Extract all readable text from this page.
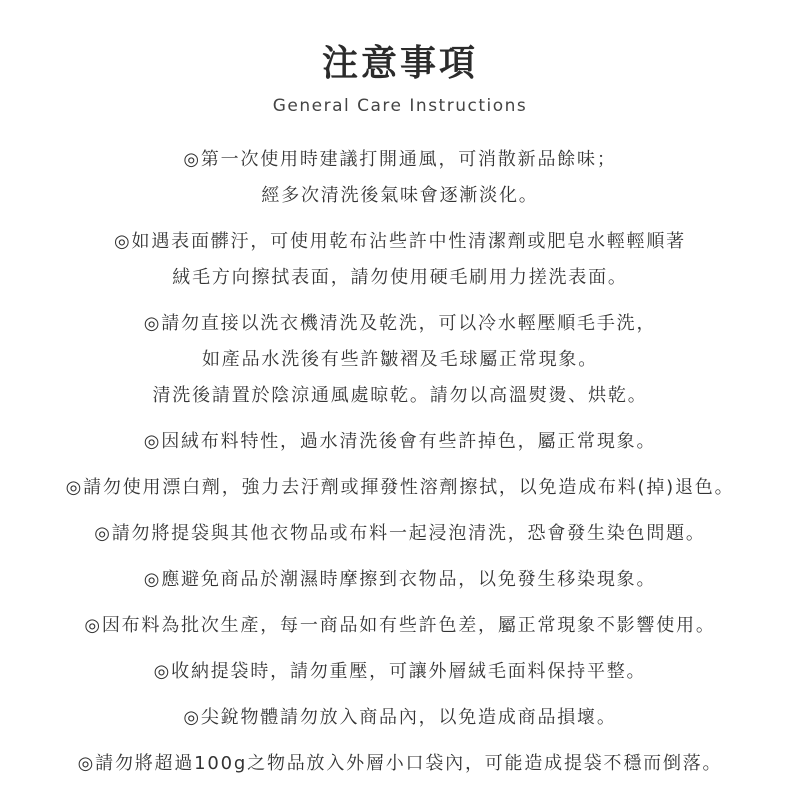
注意事項
General Care Instructions

◎第一次使用時建議打開通風，可消散新品餘味；
經多次清洗後氣味會逐漸淡化。

◎如遇表面髒汙，可使用乾布沾些許中性清潔劑或肥皂水輕輕順著
絨毛方向擦拭表面，請勿使用硬毛刷用力搓洗表面。

◎請勿直接以洗衣機清洗及乾洗，可以冷水輕壓順毛手洗，
如產品水洗後有些許皺褶及毛球屬正常現象。
清洗後請置於陰涼通風處晾乾。請勿以高溫熨燙、烘乾。

◎因絨布料特性，過水清洗後會有些許掉色，屬正常現象。

◎請勿使用漂白劑，強力去汙劑或揮發性溶劑擦拭，以免造成布料(掉)退色。

◎請勿將提袋與其他衣物品或布料一起浸泡清洗，恐會發生染色問題。

◎應避免商品於潮濕時摩擦到衣物品，以免發生移染現象。

◎因布料為批次生產，每一商品如有些許色差，屬正常現象不影響使用。

◎收納提袋時，請勿重壓，可讓外層絨毛面料保持平整。

◎尖銳物體請勿放入商品內，以免造成商品損壞。

◎請勿將超過100g之物品放入外層小口袋內，可能造成提袋不穩而倒落。
